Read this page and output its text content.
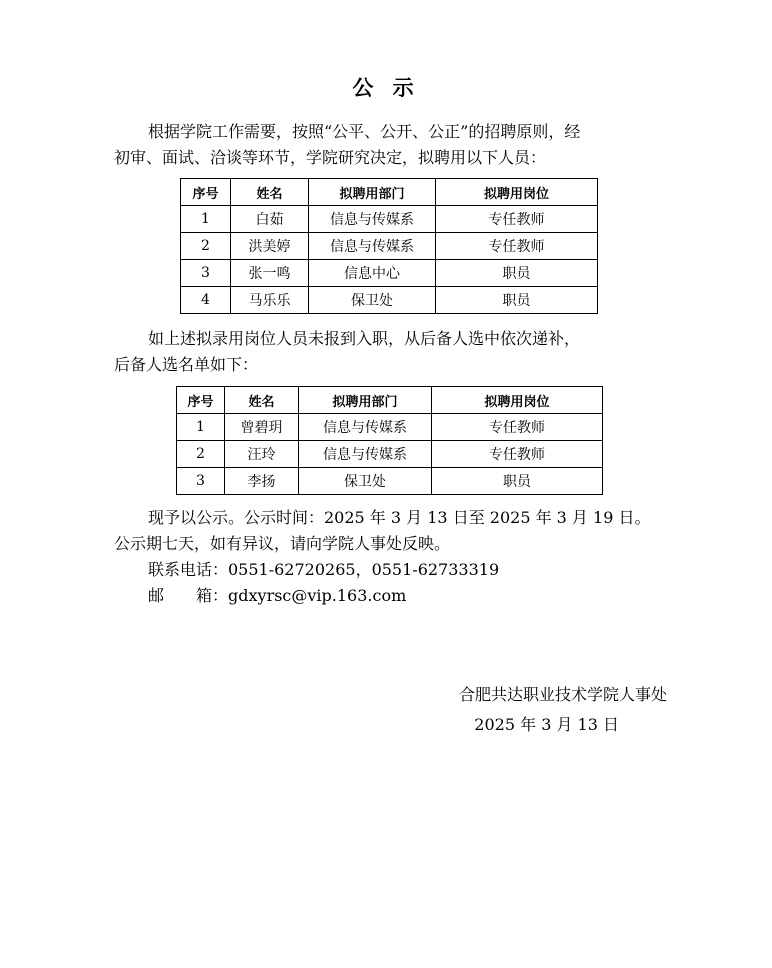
公 示
根据学院工作需要，按照“公平、公开、公正”的招聘原则，经
初审、面试、洽谈等环节，学院研究决定，拟聘用以下人员：
序号	姓名	拟聘用部门	拟聘用岗位
1	白茹	信息与传媒系	专任教师
2	洪美婷	信息与传媒系	专任教师
3	张一鸣	信息中心	职员
4	马乐乐	保卫处	职员
如上述拟录用岗位人员未报到入职，从后备人选中依次递补，
后备人选名单如下：
序号	姓名	拟聘用部门	拟聘用岗位
1	曾碧玥	信息与传媒系	专任教师
2	汪玲	信息与传媒系	专任教师
3	李扬	保卫处	职员
现予以公示。公示时间：2025 年 3 月 13 日至 2025 年 3 月 19 日。
公示期七天，如有异议，请向学院人事处反映。
联系电话：0551-62720265，0551-62733319
邮　　箱：gdxyrsc@vip.163.com
合肥共达职业技术学院人事处
2025 年 3 月 13 日
